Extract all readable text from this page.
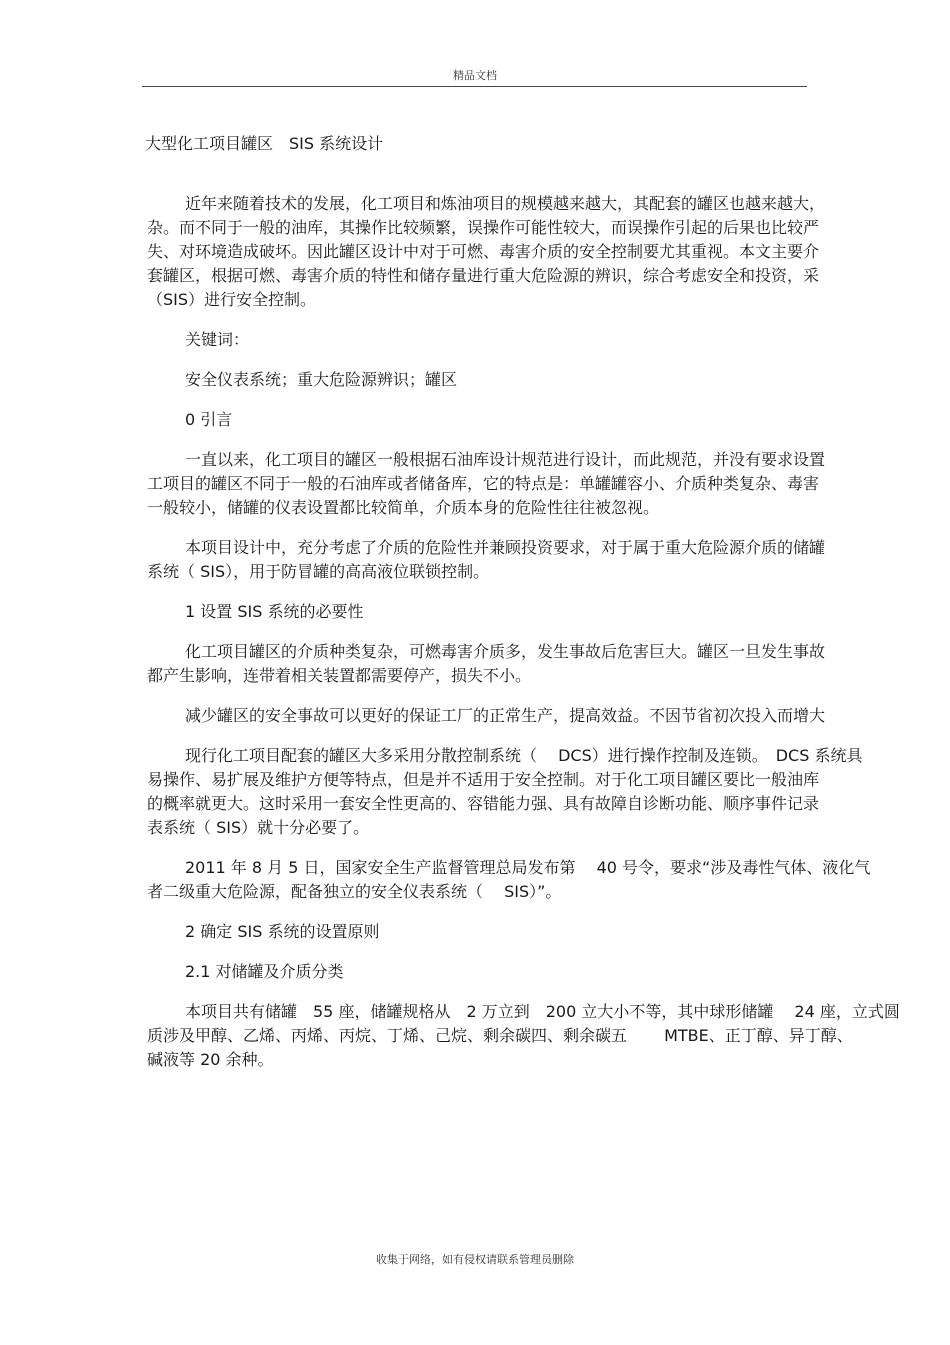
精品文档
大型化工项目罐区　SIS 系统设计
近年来随着技术的发展，化工项目和炼油项目的规模越来越大，其配套的罐区也越来越大，
杂。而不同于一般的油库，其操作比较频繁，误操作可能性较大，而误操作引起的后果也比较严
失、对环境造成破坏。因此罐区设计中对于可燃、毒害介质的安全控制要尤其重视。本文主要介
套罐区，根据可燃、毒害介质的特性和储存量进行重大危险源的辨识，综合考虑安全和投资，采
（SIS）进行安全控制。
关键词：
安全仪表系统；重大危险源辨识；罐区
0 引言
一直以来，化工项目的罐区一般根据石油库设计规范进行设计，而此规范，并没有要求设置
工项目的罐区不同于一般的石油库或者储备库，它的特点是：单罐罐容小、介质种类复杂、毒害
一般较小，储罐的仪表设置都比较简单，介质本身的危险性往往被忽视。
本项目设计中，充分考虑了介质的危险性并兼顾投资要求，对于属于重大危险源介质的储罐
系统（ SIS），用于防冒罐的高高液位联锁控制。
1 设置 SIS 系统的必要性
化工项目罐区的介质种类复杂，可燃毒害介质多，发生事故后危害巨大。罐区一旦发生事故
都产生影响，连带着相关装置都需要停产，损失不小。
减少罐区的安全事故可以更好的保证工厂的正常生产，提高效益。不因节省初次投入而增大
现行化工项目配套的罐区大多采用分散控制系统（　 DCS）进行操作控制及连锁。　DCS 系统具
易操作、易扩展及维护方便等特点，但是并不适用于安全控制。对于化工项目罐区要比一般油库
的概率就更大。这时采用一套安全性更高的、容错能力强、具有故障自诊断功能、顺序事件记录
表系统（ SIS）就十分必要了。
2011 年 8 月 5 日，国家安全生产监督管理总局发布第　 40 号令，要求“涉及毒性气体、液化气
者二级重大危险源，配备独立的安全仪表系统（　 SIS）”。
2 确定 SIS 系统的设置原则
2.1 对储罐及介质分类
本项目共有储罐　55 座，储罐规格从　2 万立到　200 立大小不等，其中球形储罐　 24 座，立式圆
质涉及甲醇、乙烯、丙烯、丙烷、丁烯、己烷、剩余碳四、剩余碳五　　 MTBE、正丁醇、异丁醇、
碱液等 20 余种。
收集于网络，如有侵权请联系管理员删除
